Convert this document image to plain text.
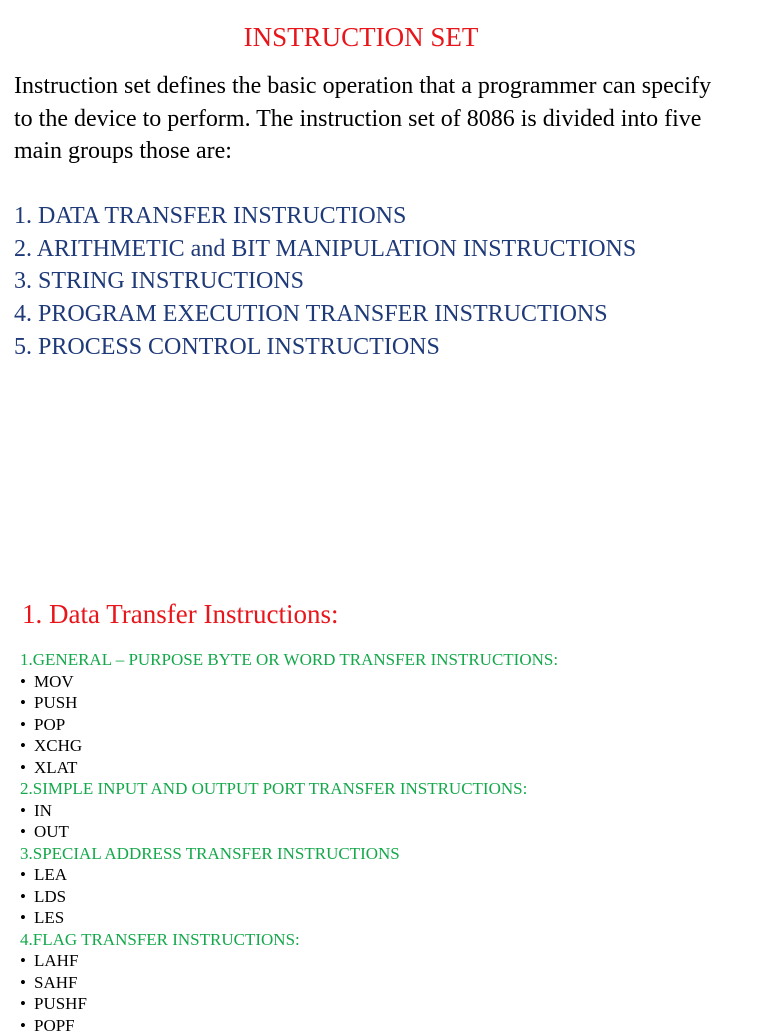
INSTRUCTION SET

Instruction set defines the basic operation that a programmer can specify to the device to perform. The instruction set of 8086 is divided into five main groups those are:

1. DATA TRANSFER INSTRUCTIONS
2. ARITHMETIC and BIT MANIPULATION INSTRUCTIONS
3. STRING INSTRUCTIONS
4. PROGRAM EXECUTION TRANSFER INSTRUCTIONS
5. PROCESS CONTROL INSTRUCTIONS
1. Data Transfer Instructions:
1.GENERAL – PURPOSE BYTE OR WORD TRANSFER INSTRUCTIONS:
• MOV
• PUSH
• POP
• XCHG
• XLAT
2.SIMPLE INPUT AND OUTPUT PORT TRANSFER INSTRUCTIONS:
• IN
• OUT
3.SPECIAL ADDRESS TRANSFER INSTRUCTIONS
• LEA
• LDS
• LES
4.FLAG TRANSFER INSTRUCTIONS:
• LAHF
• SAHF
• PUSHF
• POPF
